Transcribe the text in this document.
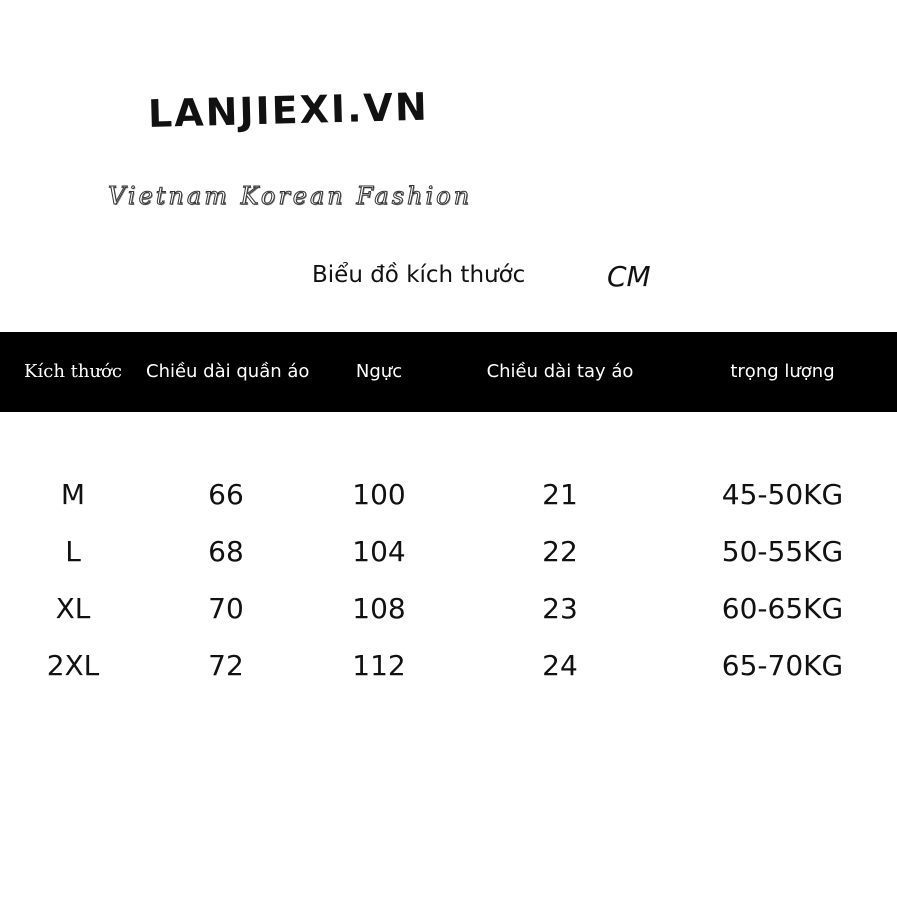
LANJIEXI.VN
Vietnam Korean Fashion
Biểu đồ kích thước	CM
Kích thước	Chiều dài quần áo	Ngực	Chiều dài tay áo	trọng lượng
M	66	100	21	45-50KG
L	68	104	22	50-55KG
XL	70	108	23	60-65KG
2XL	72	112	24	65-70KG
